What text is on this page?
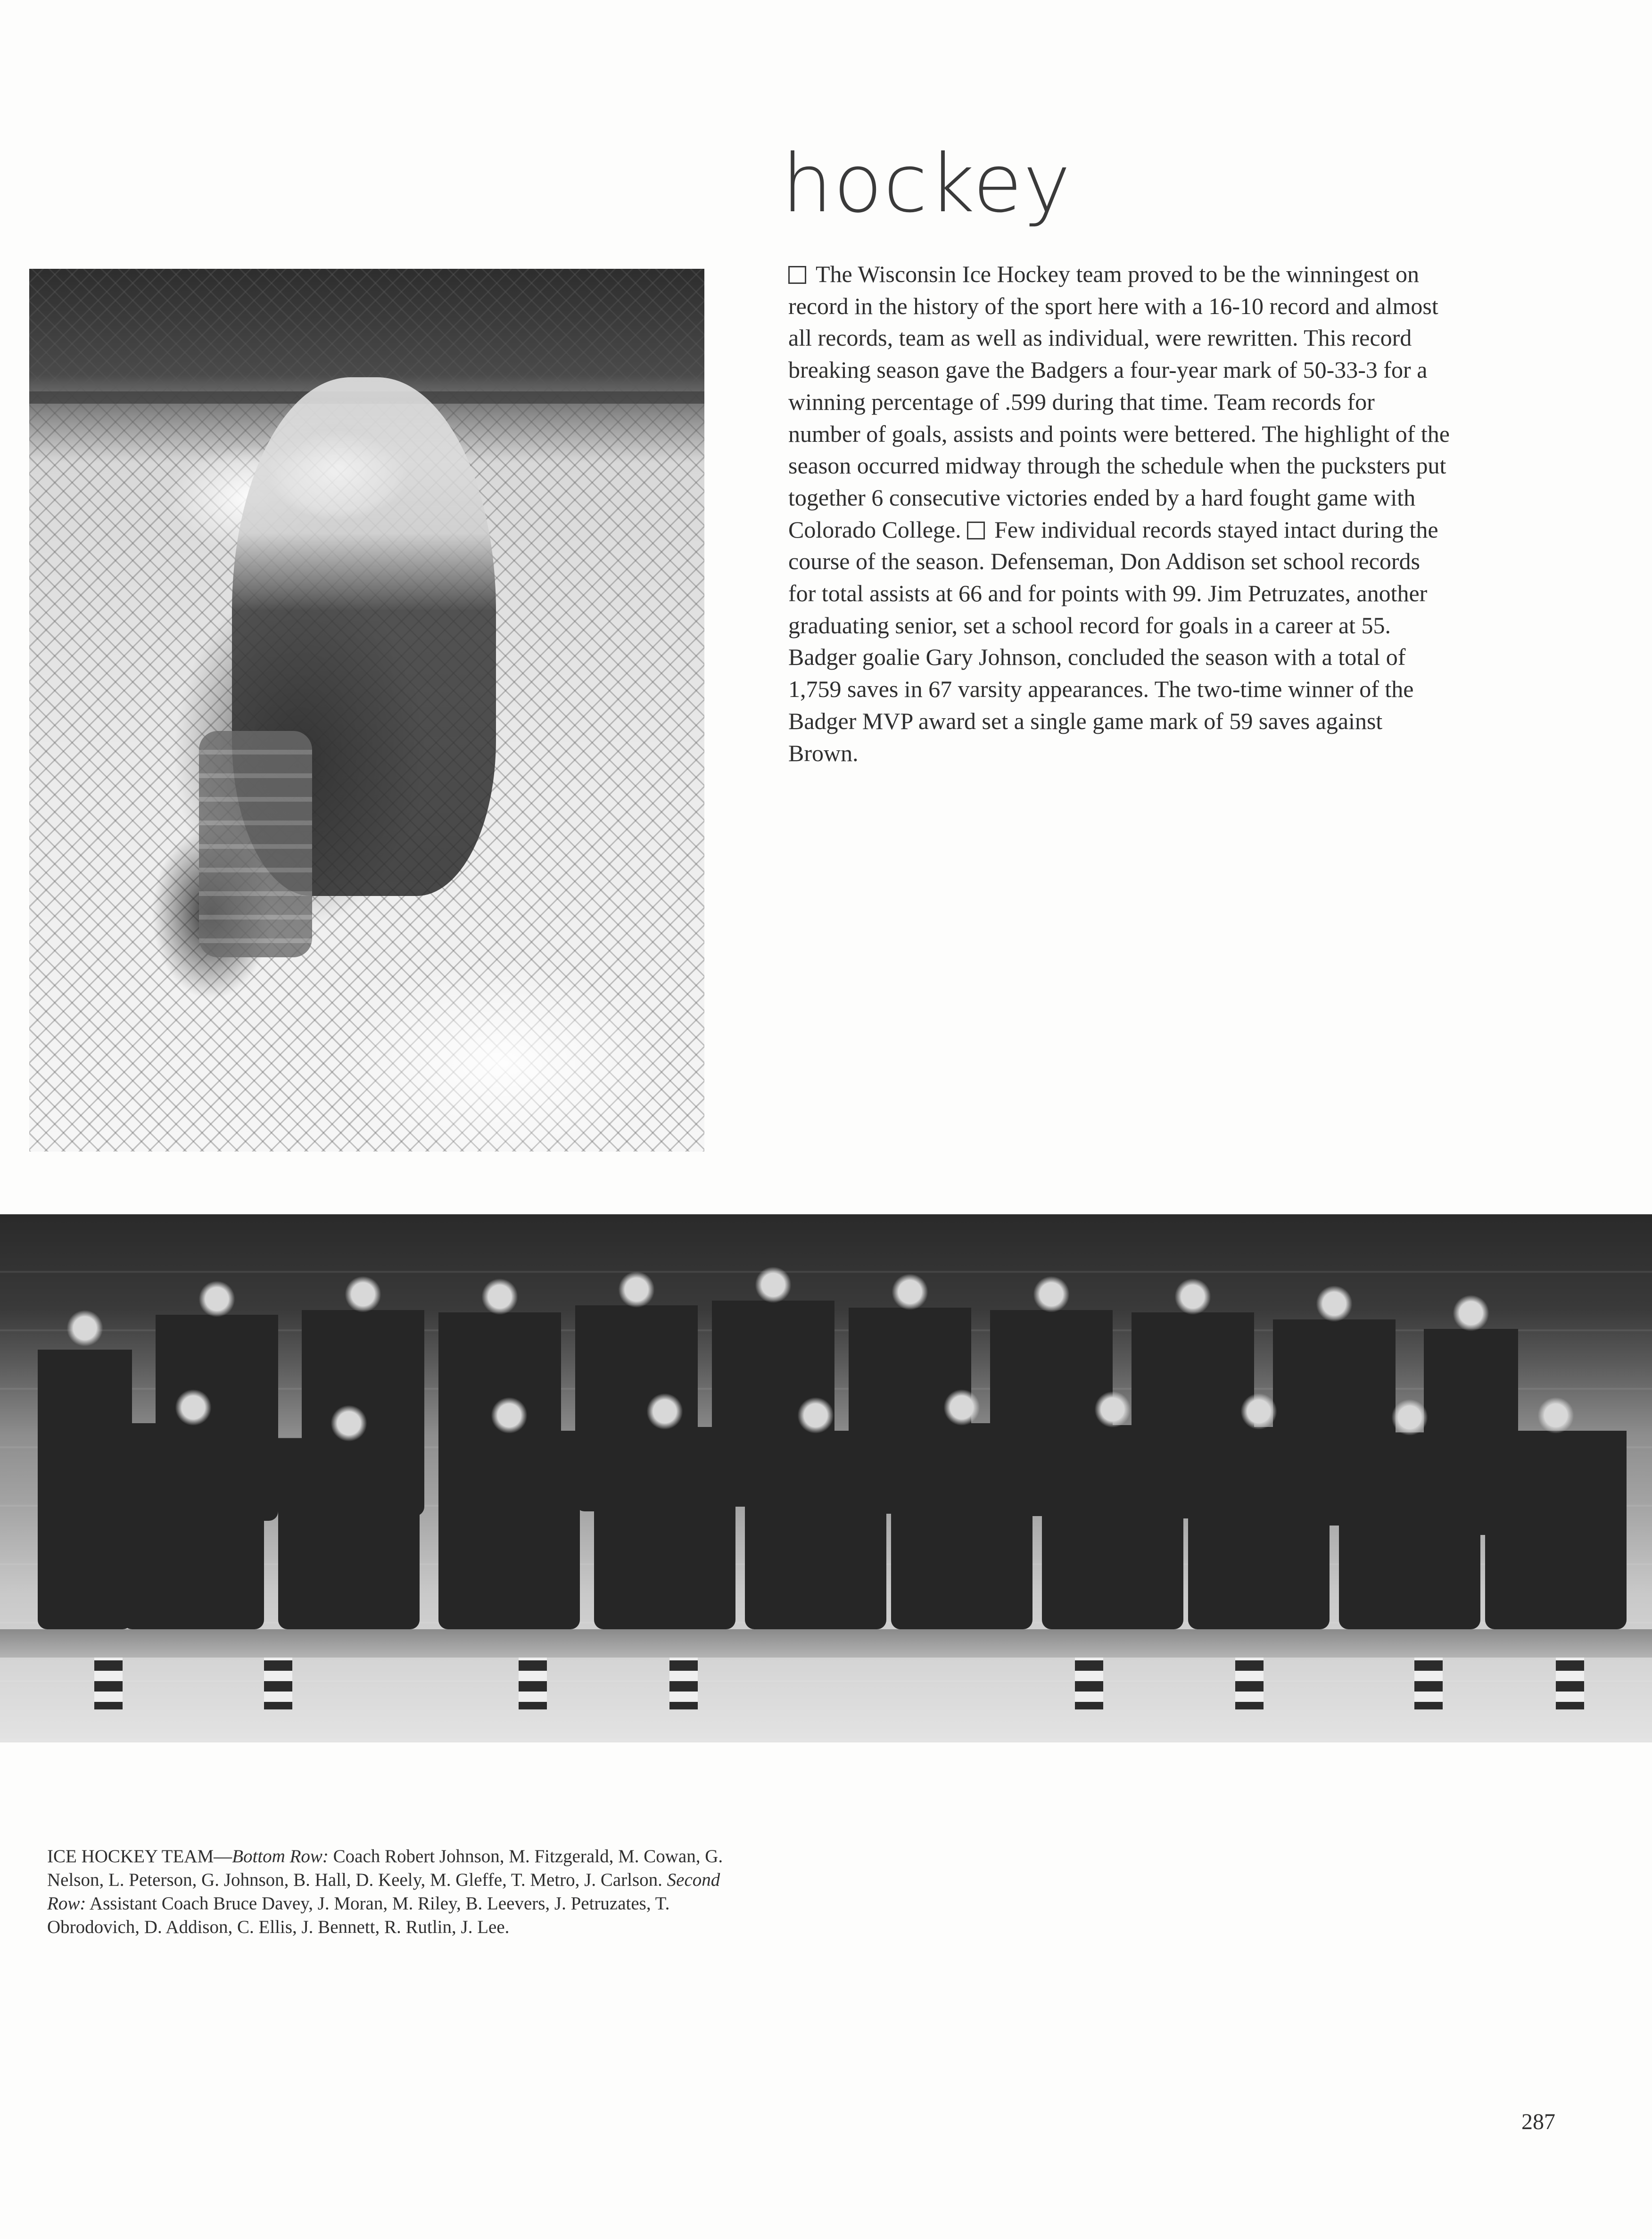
hockey

The Wisconsin Ice Hockey team proved to be the winningest on record in the history of the sport here with a 16-10 record and almost all records, team as well as individual, were rewritten. This record breaking season gave the Badgers a four-year mark of 50-33-3 for a winning percentage of .599 during that time. Team records for number of goals, assists and points were bettered. The highlight of the season occurred midway through the schedule when the pucksters put together 6 consecutive victories ended by a hard fought game with Colorado College. Few individual records stayed intact during the course of the season. Defenseman, Don Addison set school records for total assists at 66 and for points with 99. Jim Petruzates, another graduating senior, set a school record for goals in a career at 55. Badger goalie Gary Johnson, concluded the season with a total of 1,759 saves in 67 varsity appearances. The two-time winner of the Badger MVP award set a single game mark of 59 saves against Brown.

ICE HOCKEY TEAM—Bottom Row: Coach Robert Johnson, M. Fitzgerald, M. Cowan, G. Nelson, L. Peterson, G. Johnson, B. Hall, D. Keely, M. Gleffe, T. Metro, J. Carlson. Second Row: Assistant Coach Bruce Davey, J. Moran, M. Riley, B. Leevers, J. Petruzates, T. Obrodovich, D. Addison, C. Ellis, J. Bennett, R. Rutlin, J. Lee.

287
